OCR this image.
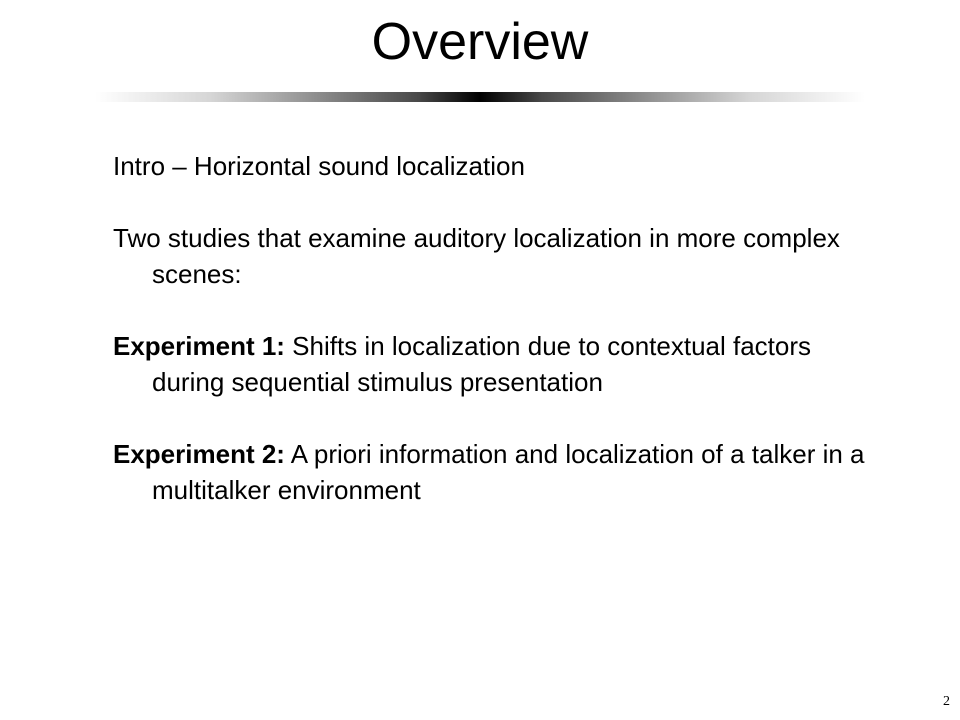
Overview

Intro – Horizontal sound localization

Two studies that examine auditory localization in more complex scenes:

Experiment 1: Shifts in localization due to contextual factors during sequential stimulus presentation

Experiment 2: A priori information and localization of a talker in a multitalker environment

2
